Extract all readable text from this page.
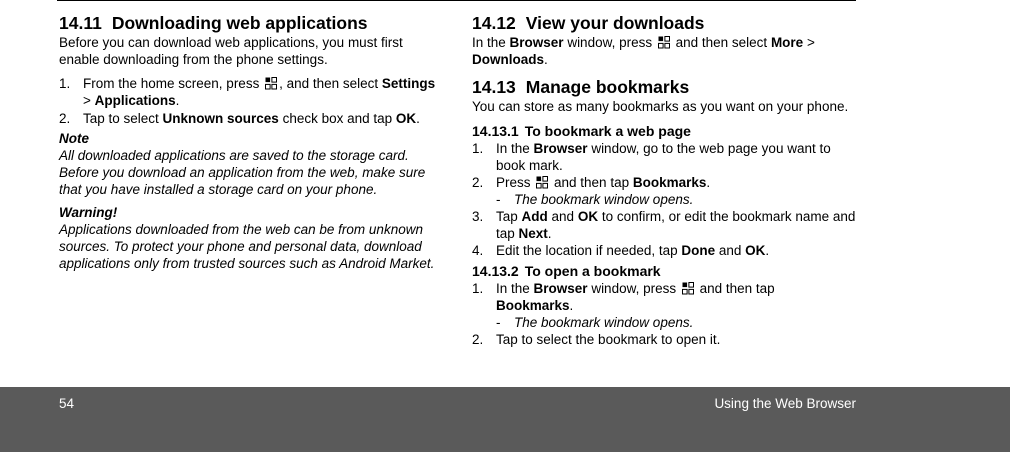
14.11 Downloading web applications

Before you can download web applications, you must first enable downloading from the phone settings.

1. From the home screen, press , and then select Settings > Applications.
2. Tap to select Unknown sources check box and tap OK.

Note

All downloaded applications are saved to the storage card. Before you download an application from the web, make sure that you have installed a storage card on your phone.

Warning!

Applications downloaded from the web can be from unknown sources. To protect your phone and personal data, download applications only from trusted sources such as Android Market.

14.12 View your downloads

In the Browser window, press  and then select More > Downloads.

14.13 Manage bookmarks

You can store as many bookmarks as you want on your phone.

14.13.1 To bookmark a web page
1. In the Browser window, go to the web page you want to book mark.
2. Press  and then tap Bookmarks.
- The bookmark window opens.
3. Tap Add and OK to confirm, or edit the bookmark name and tap Next.
4. Edit the location if needed, tap Done and OK.
14.13.2 To open a bookmark
1. In the Browser window, press  and then tap
Bookmarks.
- The bookmark window opens.
2. Tap to select the bookmark to open it.
54	Using the Web Browser
